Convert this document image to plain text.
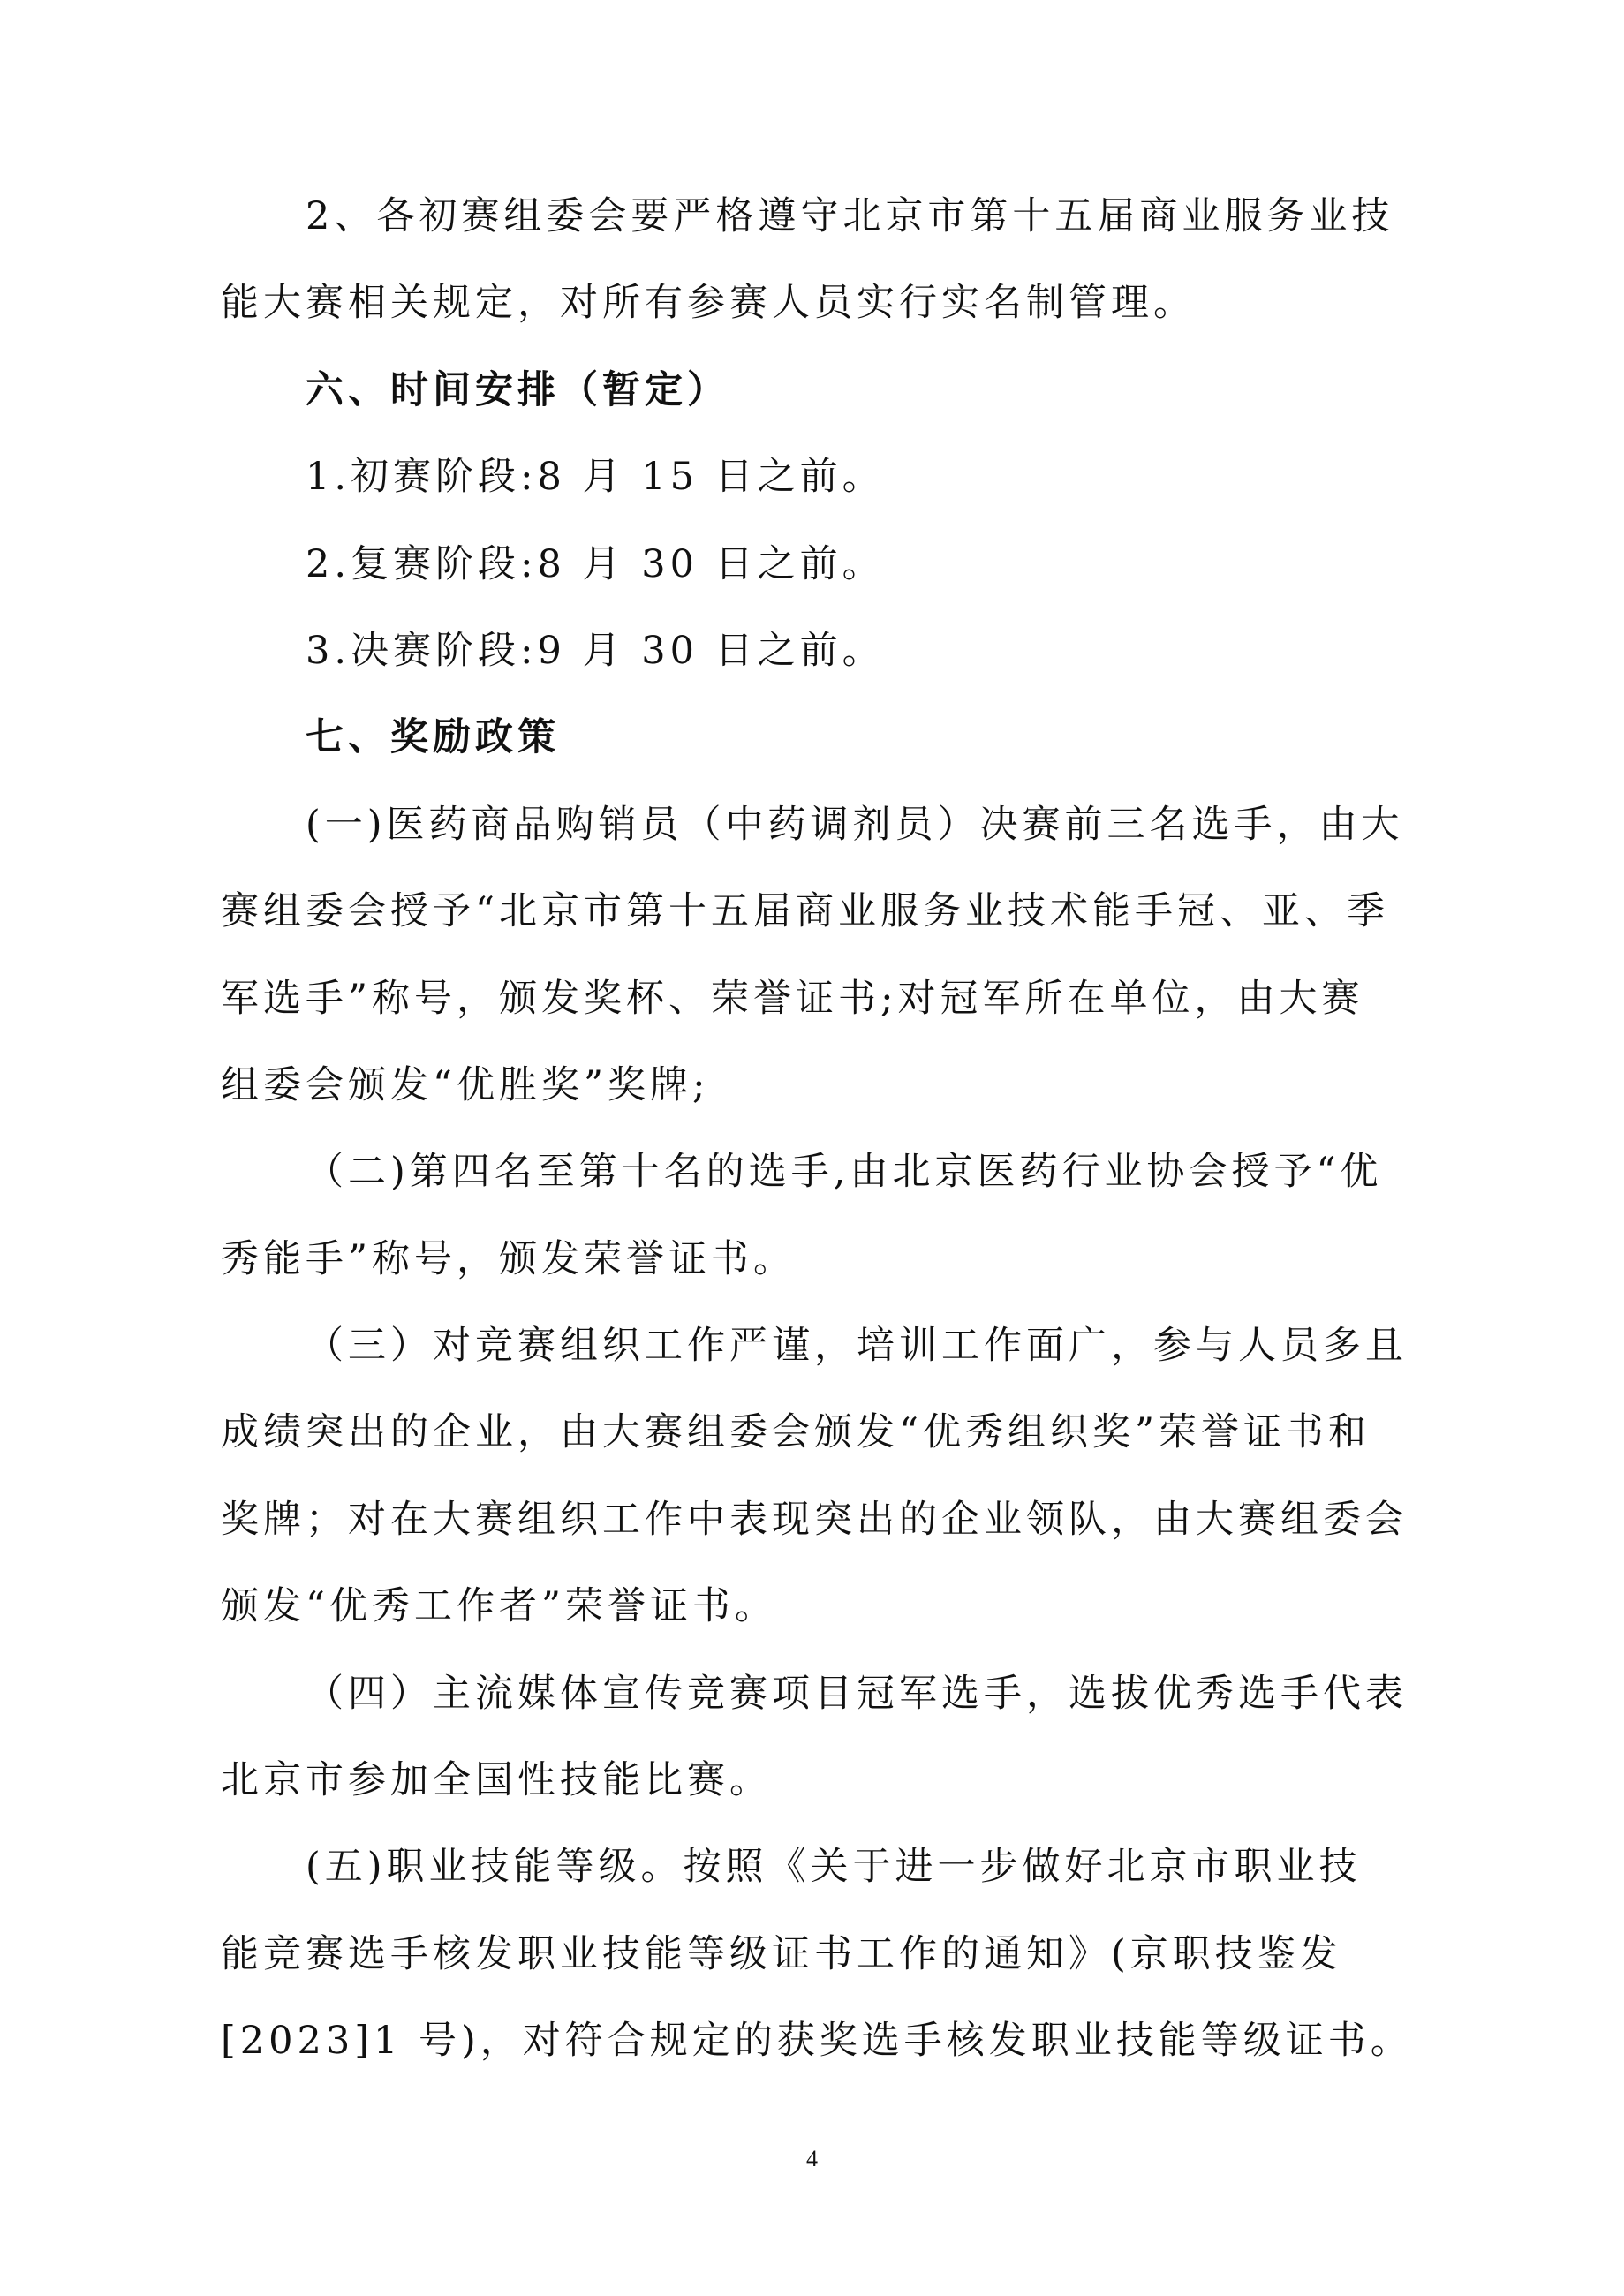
2、各初赛组委会要严格遵守北京市第十五届商业服务业技
能大赛相关规定，对所有参赛人员实行实名制管理。
六、时间安排（暂定）
1.初赛阶段:8 月 15 日之前。
2.复赛阶段:8 月 30 日之前。
3.决赛阶段:9 月 30 日之前。
七、奖励政策
(一)医药商品购销员（中药调剂员）决赛前三名选手，由大
赛组委会授予“北京市第十五届商业服务业技术能手冠、亚、季
军选手”称号，颁发奖杯、荣誉证书;对冠军所在单位，由大赛
组委会颁发“优胜奖”奖牌;
（二)第四名至第十名的选手,由北京医药行业协会授予“优
秀能手”称号，颁发荣誉证书。
（三）对竞赛组织工作严谨，培训工作面广，参与人员多且
成绩突出的企业，由大赛组委会颁发“优秀组织奖”荣誉证书和
奖牌；对在大赛组织工作中表现突出的企业领队，由大赛组委会
颁发“优秀工作者”荣誉证书。
（四）主流媒体宣传竞赛项目冠军选手，选拔优秀选手代表
北京市参加全国性技能比赛。
(五)职业技能等级。按照《关于进一步做好北京市职业技
能竞赛选手核发职业技能等级证书工作的通知》(京职技鉴发
[2023]1 号)，对符合规定的获奖选手核发职业技能等级证书。
4
